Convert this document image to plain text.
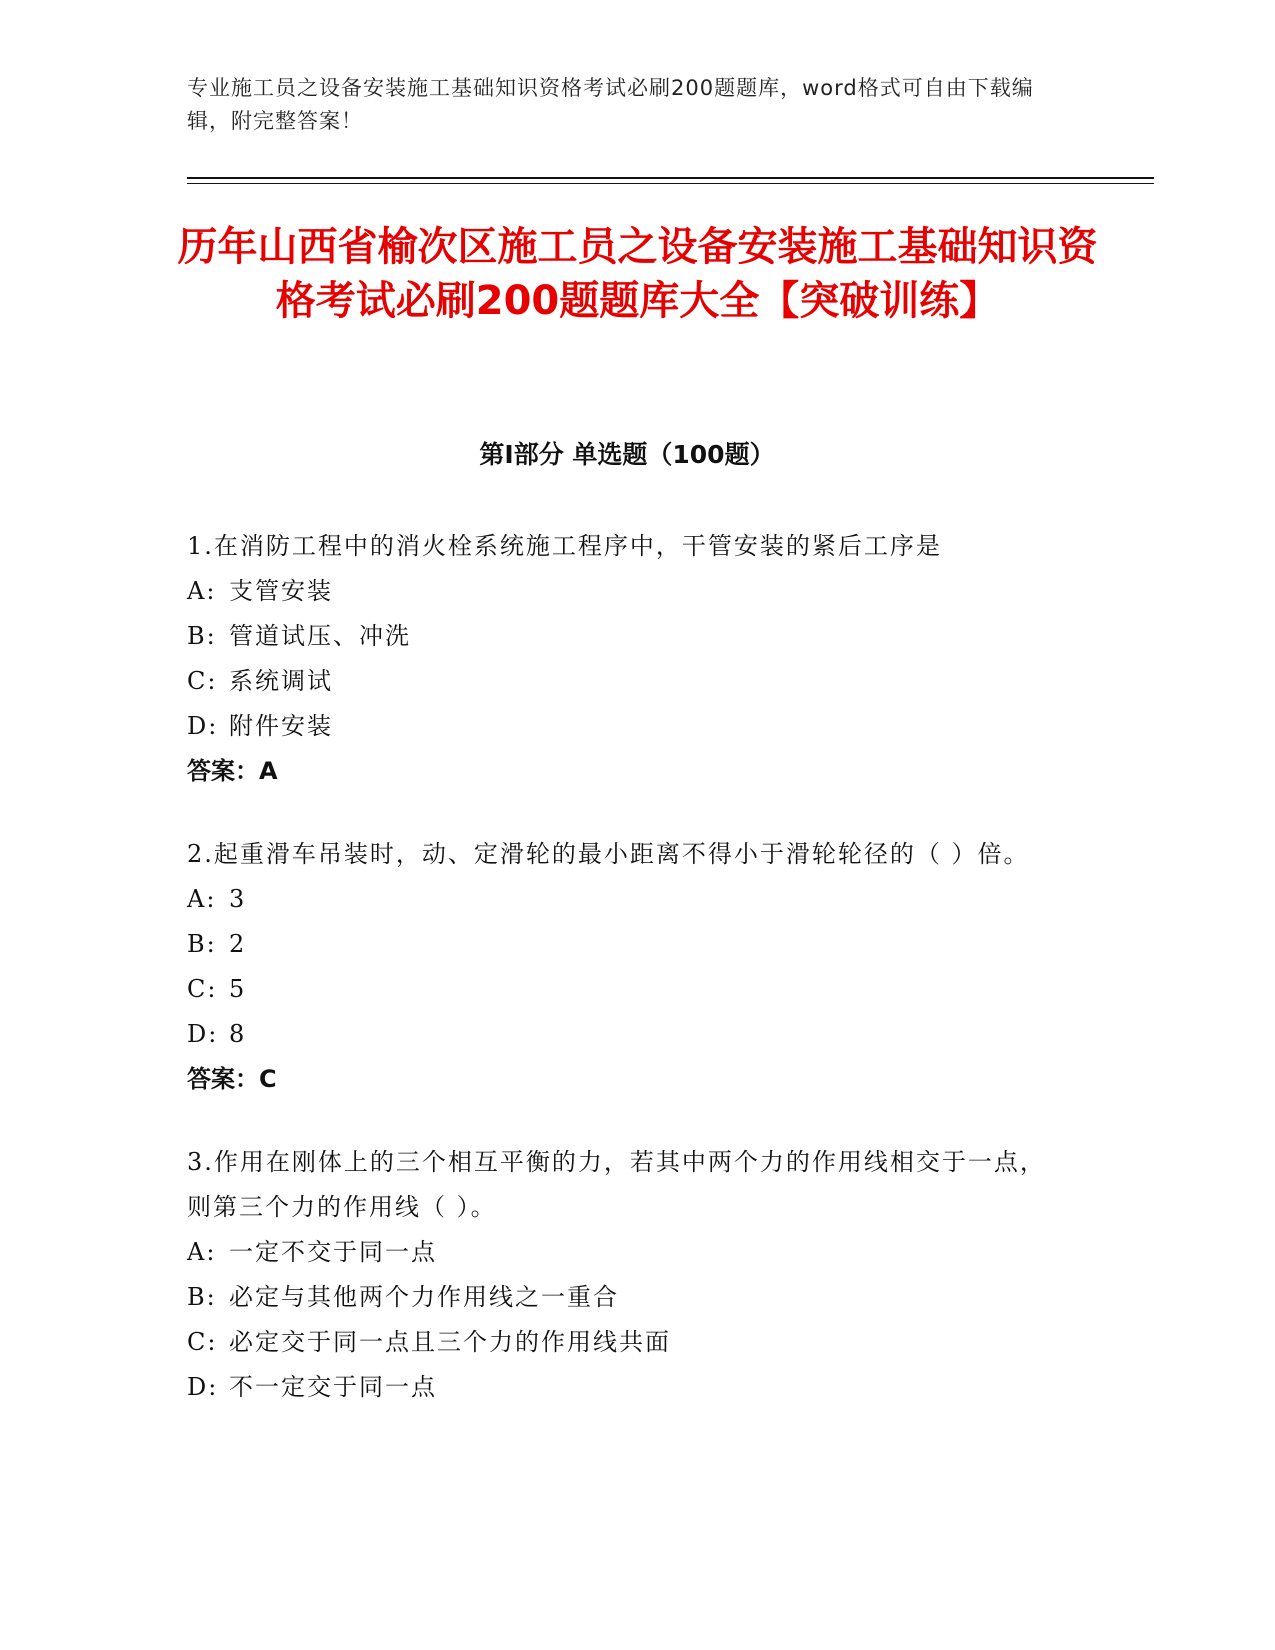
专业施工员之设备安装施工基础知识资格考试必刷200题题库，word格式可自由下载编辑，附完整答案！
历年山西省榆次区施工员之设备安装施工基础知识资格考试必刷200题题库大全【突破训练】
第Ⅰ部分 单选题（100题）
1.在消防工程中的消火栓系统施工程序中，干管安装的紧后工序是
A: 支管安装
B: 管道试压、冲洗
C: 系统调试
D: 附件安装
答案：A
2.起重滑车吊装时，动、定滑轮的最小距离不得小于滑轮轮径的（ ）倍。
A: 3
B: 2
C: 5
D: 8
答案：C
3.作用在刚体上的三个相互平衡的力，若其中两个力的作用线相交于一点，则第三个力的作用线（ ）。
A: 一定不交于同一点
B: 必定与其他两个力作用线之一重合
C: 必定交于同一点且三个力的作用线共面
D: 不一定交于同一点
